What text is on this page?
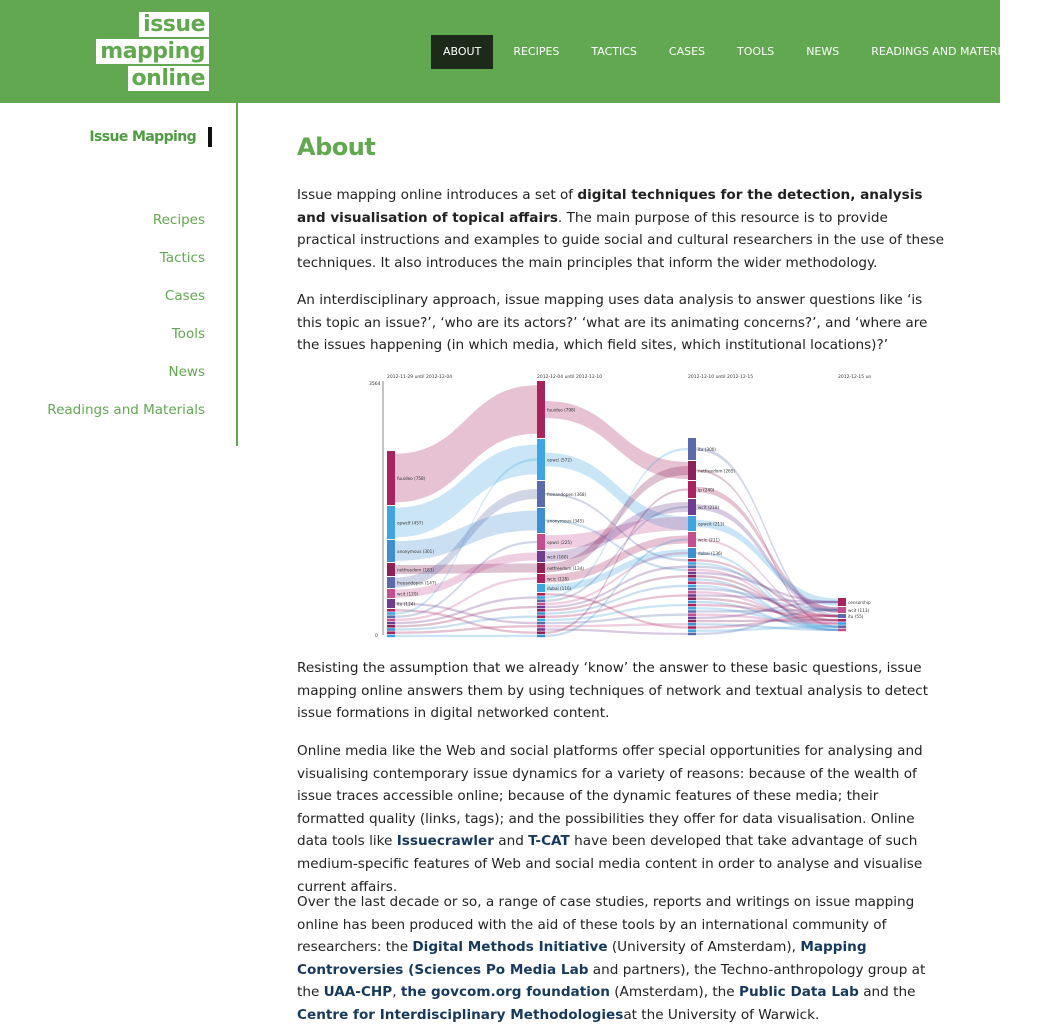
issue
mapping
online
ABOUT	RECIPES	TACTICS	CASES	TOOLS	NEWS	READINGS AND MATERIALS
Issue Mapping
Recipes
Tactics
Cases
Tools
News
Readings and Materials
About

Issue mapping online introduces a set of digital techniques for the detection, analysis and visualisation of topical affairs. The main purpose of this resource is to provide practical instructions and examples to guide social and cultural researchers in the use of these techniques. It also introduces the main principles that inform the wider methodology.

An interdisciplinary approach, issue mapping uses data analysis to answer questions like ‘is this topic an issue?’, ‘who are its actors?’ ‘what are its animating concerns?’, and ‘where are the issues happening (in which media, which field sites, which institutional locations)?’

2012-11-29 until 2012-12-04	2012-12-04 until 2012-12-10	2012-12-10 until 2012-12-15	2012-12-15 un
3564
0
fuuideo (758)
opwclf (457)
anonymous (301)
netfreedom (183)
freeandopen (147)
wcit (120)
itu (124)
fuuideo (798)
opwcl (572)
freeandopen (368)
anonymous (345)
opwci (225)
wcit (160)
netfreedom (134)
wcic (128)
dubai (116)
itu (300)
netfreedom (265)
ip (240)
wcit (218)
opwcit (213)
wcic (211)
dubai (136)
censorship
wcit (113)
itu (55)

Resisting the assumption that we already ‘know’ the answer to these basic questions, issue mapping online answers them by using techniques of network and textual analysis to detect issue formations in digital networked content.

Online media like the Web and social platforms offer special opportunities for analysing and visualising contemporary issue dynamics for a variety of reasons: because of the wealth of issue traces accessible online; because of the dynamic features of these media; their formatted quality (links, tags); and the possibilities they offer for data visualisation. Online data tools like Issuecrawler and T-CAT have been developed that take advantage of such medium-specific features of Web and social media content in order to analyse and visualise current affairs.

Over the last decade or so, a range of case studies, reports and writings on issue mapping online has been produced with the aid of these tools by an international community of researchers: the Digital Methods Initiative (University of Amsterdam), Mapping Controversies (Sciences Po Media Lab and partners), the Techno-anthropology group at the UAA-CHP, the govcom.org foundation (Amsterdam), the Public Data Lab and the Centre for Interdisciplinary Methodologiesat the University of Warwick.
